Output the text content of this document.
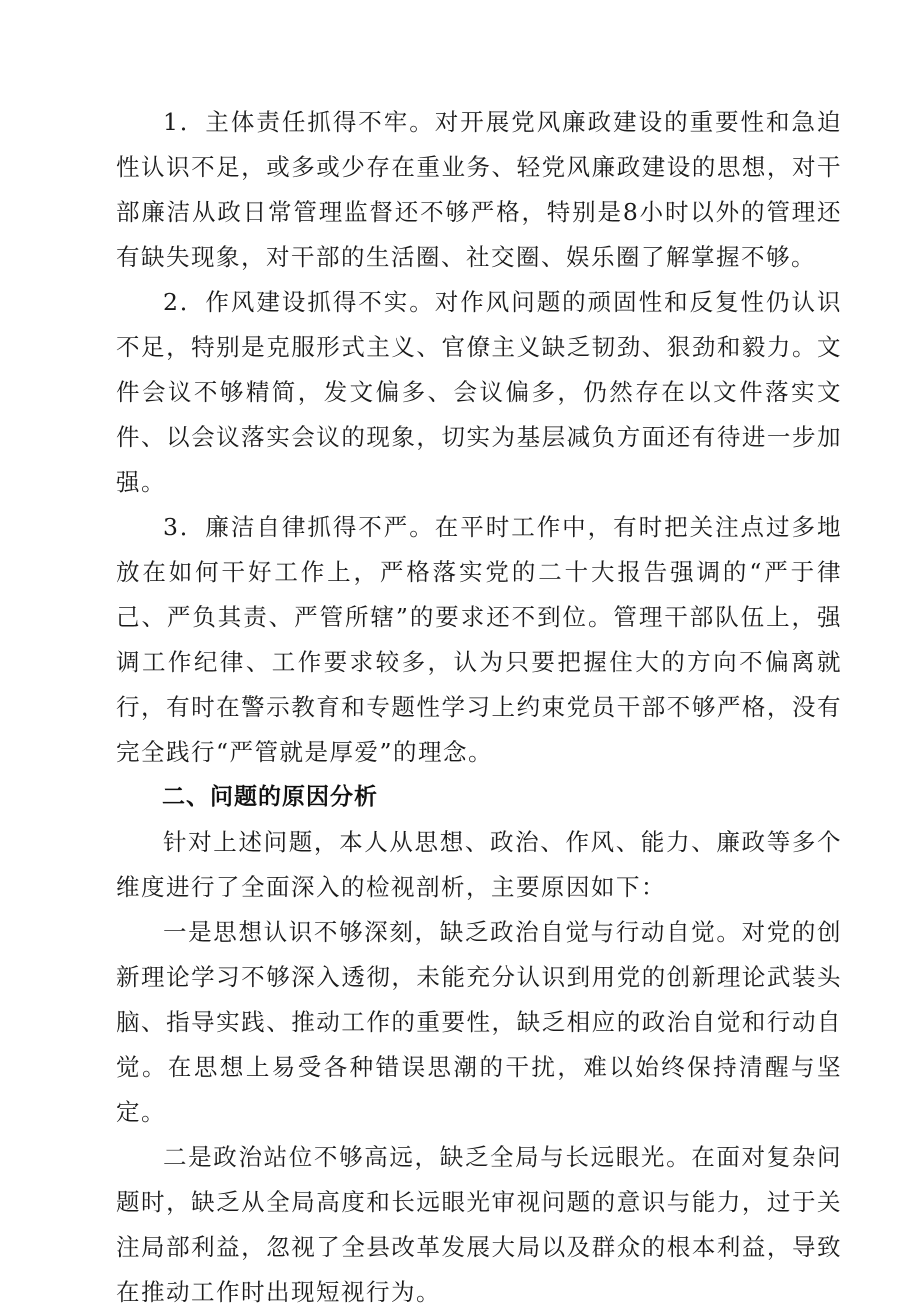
1．主体责任抓得不牢。对开展党风廉政建设的重要性和急迫性认识不足，或多或少存在重业务、轻党风廉政建设的思想，对干部廉洁从政日常管理监督还不够严格，特别是8小时以外的管理还有缺失现象，对干部的生活圈、社交圈、娱乐圈了解掌握不够。

2．作风建设抓得不实。对作风问题的顽固性和反复性仍认识不足，特别是克服形式主义、官僚主义缺乏韧劲、狠劲和毅力。文件会议不够精简，发文偏多、会议偏多，仍然存在以文件落实文件、以会议落实会议的现象，切实为基层减负方面还有待进一步加强。

3．廉洁自律抓得不严。在平时工作中，有时把关注点过多地放在如何干好工作上，严格落实党的二十大报告强调的“严于律己、严负其责、严管所辖”的要求还不到位。管理干部队伍上，强调工作纪律、工作要求较多，认为只要把握住大的方向不偏离就行，有时在警示教育和专题性学习上约束党员干部不够严格，没有完全践行“严管就是厚爱”的理念。

二、问题的原因分析

针对上述问题，本人从思想、政治、作风、能力、廉政等多个维度进行了全面深入的检视剖析，主要原因如下：

一是思想认识不够深刻，缺乏政治自觉与行动自觉。对党的创新理论学习不够深入透彻，未能充分认识到用党的创新理论武装头脑、指导实践、推动工作的重要性，缺乏相应的政治自觉和行动自觉。在思想上易受各种错误思潮的干扰，难以始终保持清醒与坚定。

二是政治站位不够高远，缺乏全局与长远眼光。在面对复杂问题时，缺乏从全局高度和长远眼光审视问题的意识与能力，过于关注局部利益，忽视了全县改革发展大局以及群众的根本利益，导致在推动工作时出现短视行为。
